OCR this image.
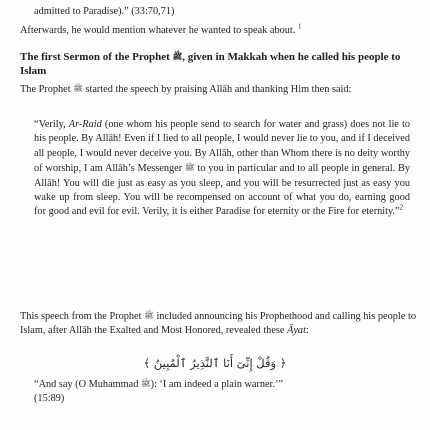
admitted to Paradise).” (33:70,71)

Afterwards, he would mention whatever he wanted to speak about. $^1$

The first Sermon of the Prophet ﷺ, given in Makkah when he called his people to Islam

The Prophet ﷺ started the speech by praising Allāh and thanking Him then said:

“Verily, Ar-Raid (one whom his people send to search for water and grass) does not lie to his people. By Allāh! Even if I lied to all people, I would never lie to you, and if I deceived all people, I would never deceive you. By Allāh, other than Whom there is no deity worthy of worship, I am Allāh’s Messenger ﷺ to you in particular and to all people in general. By Allāh! You will die just as easy as you sleep, and you will be resurrected just as easy you wake up from sleep. You will be recompensed on account of what you do, earning good for good and evil for evil. Verily, it is either Paradise for eternity or the Fire for eternity.”$^2$

This speech from the Prophet ﷺ included announcing his Prophethood and calling his people to Islam, after Allāh the Exalted and Most Honored, revealed these Āyat:

﴿ وَقُلْ إِنِّىٓ أَنَا ٱلنَّذِيرُ ٱلْمُبِينُ ﴾

“And say (O Muhammad ﷺ): ‘I am indeed a plain warner.’”

(15:89)
